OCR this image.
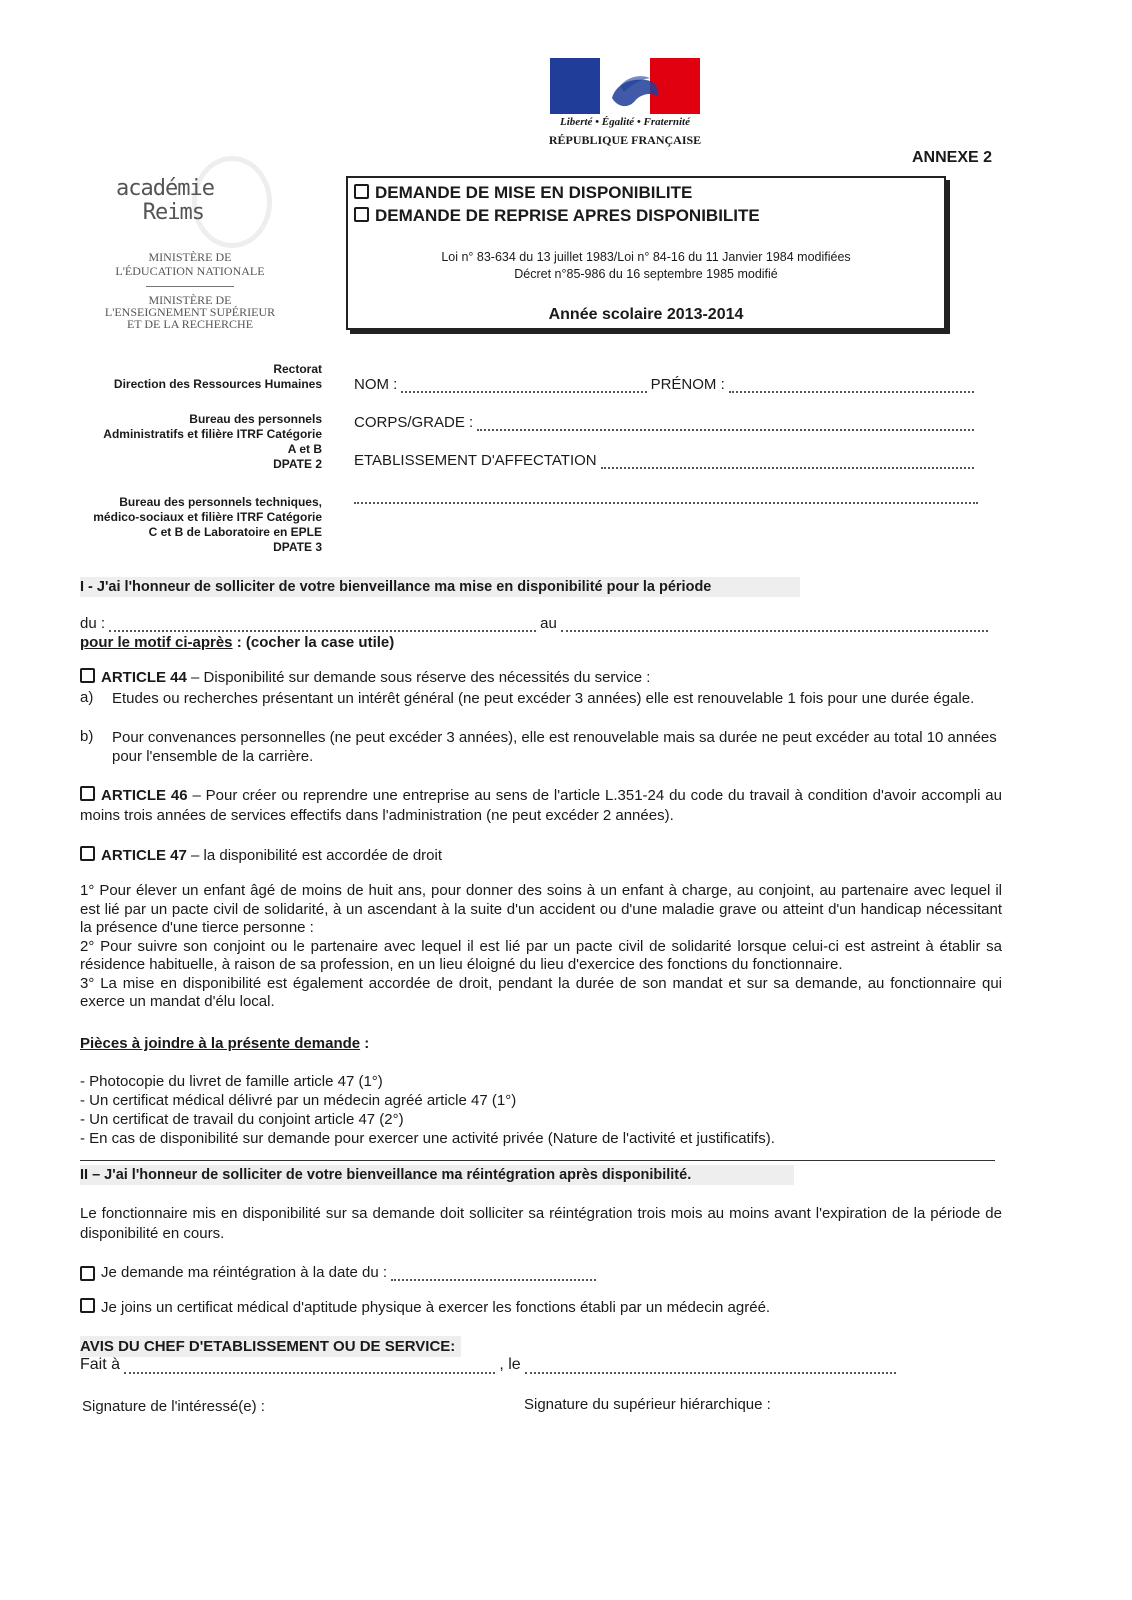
Liberté • Égalité • Fraternité
RÉPUBLIQUE FRANÇAISE
ANNEXE 2
académie
Reims
MINISTÈRE DE
L'ÉDUCATION NATIONALE
MINISTÈRE DE
L'ENSEIGNEMENT SUPÉRIEUR
ET DE LA RECHERCHE
DEMANDE DE MISE EN DISPONIBILITE
DEMANDE DE REPRISE APRES DISPONIBILITE
Loi n° 83-634 du 13 juillet 1983/Loi n° 84-16 du 11 Janvier 1984 modifiées
Décret n°85-986 du 16 septembre 1985 modifié
Année scolaire 2013-2014
Rectorat
Direction des Ressources Humaines
Bureau des personnels
Administratifs et filière ITRF Catégorie
A et B
DPATE 2
Bureau des personnels techniques,
médico-sociaux et filière ITRF Catégorie
C et B de Laboratoire en EPLE
DPATE 3
NOM :	PRÉNOM :
CORPS/GRADE :
ETABLISSEMENT D'AFFECTATION
I - J'ai l'honneur de solliciter de votre bienveillance ma mise en disponibilité pour la période
du :	au
pour le motif ci-après : (cocher la case utile)
ARTICLE 44 – Disponibilité sur demande sous réserve des nécessités du service :
a) Etudes ou recherches présentant un intérêt général (ne peut excéder 3 années) elle est renouvelable 1 fois pour une durée égale.
b) Pour convenances personnelles (ne peut excéder 3 années), elle est renouvelable mais sa durée ne peut excéder au total 10 années pour l'ensemble de la carrière.
ARTICLE 46 – Pour créer ou reprendre une entreprise au sens de l'article L.351-24 du code du travail à condition d'avoir accompli au moins trois années de services effectifs dans l'administration (ne peut excéder 2 années).
ARTICLE 47 – la disponibilité est accordée de droit
1° Pour élever un enfant âgé de moins de huit ans, pour donner des soins à un enfant à charge, au conjoint, au partenaire avec lequel il est lié par un pacte civil de solidarité, à un ascendant à la suite d'un accident ou d'une maladie grave ou atteint d'un handicap nécessitant la présence d'une tierce personne :
2° Pour suivre son conjoint ou le partenaire avec lequel il est lié par un pacte civil de solidarité lorsque celui-ci est astreint à établir sa résidence habituelle, à raison de sa profession, en un lieu éloigné du lieu d'exercice des fonctions du fonctionnaire.
3° La mise en disponibilité est également accordée de droit, pendant la durée de son mandat et sur sa demande, au fonctionnaire qui exerce un mandat d'élu local.
Pièces à joindre à la présente demande :
- Photocopie du livret de famille article 47 (1°)
- Un certificat médical délivré par un médecin agréé article 47 (1°)
- Un certificat de travail du conjoint article 47 (2°)
- En cas de disponibilité sur demande pour exercer une activité privée (Nature de l'activité et justificatifs).
II – J'ai l'honneur de solliciter de votre bienveillance ma réintégration après disponibilité.
Le fonctionnaire mis en disponibilité sur sa demande doit solliciter sa réintégration trois mois au moins avant l'expiration de la période de disponibilité en cours.
Je demande ma réintégration à la date du :
Je joins un certificat médical d'aptitude physique à exercer les fonctions établi par un médecin agréé.
AVIS DU CHEF D'ETABLISSEMENT OU DE SERVICE:
Fait à	, le
Signature de l'intéressé(e) :	Signature du supérieur hiérarchique :
